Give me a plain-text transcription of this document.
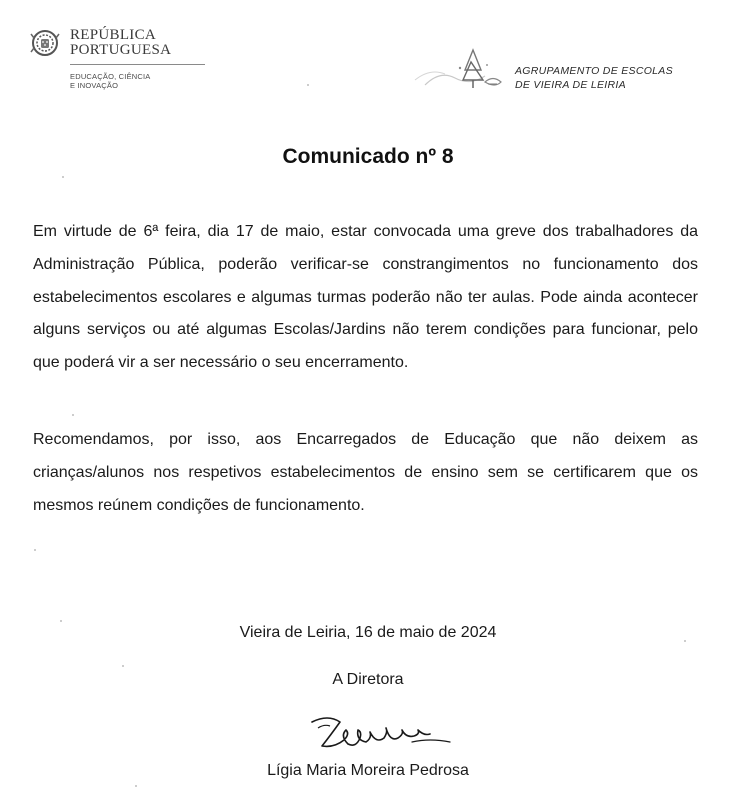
REPÚBLICA
PORTUGUESA
EDUCAÇÃO, CIÊNCIA
E INOVAÇÃO
AGRUPAMENTO DE ESCOLAS
DE VIEIRA DE LEIRIA
Comunicado nº 8
Em virtude de 6ª feira, dia 17 de maio, estar convocada uma greve dos trabalhadores da Administração Pública, poderão verificar-se constrangimentos no funcionamento dos estabelecimentos escolares e algumas turmas poderão não ter aulas. Pode ainda acontecer alguns serviços ou até algumas Escolas/Jardins não terem condições para funcionar, pelo que poderá vir a ser necessário o seu encerramento.
Recomendamos, por isso, aos Encarregados de Educação que não deixem as crianças/alunos nos respetivos estabelecimentos de ensino sem se certificarem que os mesmos reúnem condições de funcionamento.
Vieira de Leiria, 16 de maio de 2024
A Diretora
Lígia Maria Moreira Pedrosa
